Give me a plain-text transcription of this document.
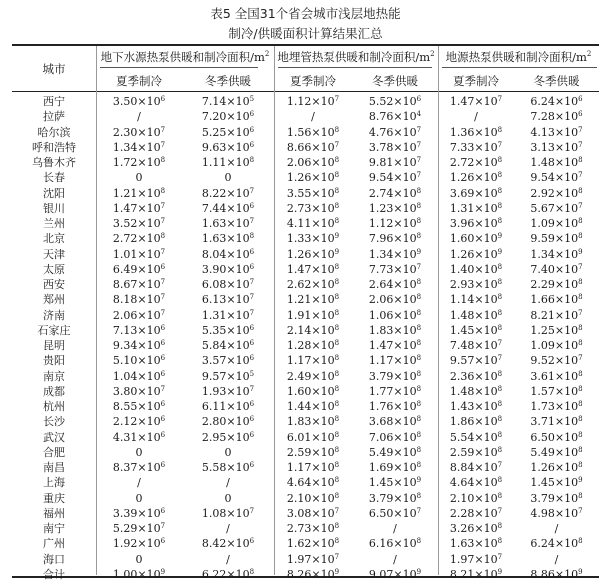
表5 全国31个省会城市浅层地热能
制冷/供暖面积计算结果汇总
城市
地下水源热泵供暖和制冷面积$/m^2$ 地埋管热泵供暖和制冷面积$/m^2$ 地源热泵供暖和制冷面积$/m^2$
夏季制冷	冬季供暖	夏季制冷	冬季供暖	夏季制冷	冬季供暖
西宁	$3.50\times 10^6$	$7.14\times 10^5$	$1.12\times 10^7$	$5.52\times 10^6$	$1.47\times 10^7$	$6.24\times 10^6$
拉萨	/	$7.20\times 10^6$	/	$8.76\times 10^4$	/	$7.28\times 10^6$
哈尔滨	$2.30\times 10^7$	$5.25\times 10^6$	$1.56\times 10^8$	$4.76\times 10^7$	$1.36\times 10^8$	$4.13\times 10^7$
呼和浩特	$1.34\times 10^7$	$9.63\times 10^6$	$8.66\times 10^7$	$3.78\times 10^7$	$7.33\times 10^7$	$3.13\times 10^7$
乌鲁木齐	$1.72\times 10^8$	$1.11\times 10^8$	$2.06\times 10^8$	$9.81\times 10^7$	$2.72\times 10^8$	$1.48\times 10^8$
长春	0	0	$1.26\times 10^8$	$9.54\times 10^7$	$1.26\times 10^8$	$9.54\times 10^7$
沈阳	$1.21\times 10^8$	$8.22\times 10^7$	$3.55\times 10^8$	$2.74\times 10^8$	$3.69\times 10^8$	$2.92\times 10^8$
银川	$1.47\times 10^7$	$7.44\times 10^6$	$2.73\times 10^8$	$1.23\times 10^8$	$1.31\times 10^8$	$5.67\times 10^7$
兰州	$3.52\times 10^7$	$1.63\times 10^7$	$4.11\times 10^8$	$1.12\times 10^8$	$3.96\times 10^8$	$1.09\times 10^8$
北京	$2.72\times 10^8$	$1.63\times 10^8$	$1.33\times 10^9$	$7.96\times 10^8$	$1.60\times 10^9$	$9.59\times 10^8$
天津	$1.01\times 10^7$	$8.04\times 10^6$	$1.26\times 10^9$	$1.34\times 10^9$	$1.26\times 10^9$	$1.34\times 10^9$
太原	$6.49\times 10^6$	$3.90\times 10^6$	$1.47\times 10^8$	$7.73\times 10^7$	$1.40\times 10^8$	$7.40\times 10^7$
西安	$8.67\times 10^7$	$6.08\times 10^7$	$2.62\times 10^8$	$2.64\times 10^8$	$2.93\times 10^8$	$2.29\times 10^8$
郑州	$8.18\times 10^7$	$6.13\times 10^7$	$1.21\times 10^8$	$2.06\times 10^8$	$1.14\times 10^8$	$1.66\times 10^8$
济南	$2.06\times 10^7$	$1.31\times 10^7$	$1.91\times 10^8$	$1.06\times 10^8$	$1.48\times 10^8$	$8.21\times 10^7$
石家庄	$7.13\times 10^6$	$5.35\times 10^6$	$2.14\times 10^8$	$1.83\times 10^8$	$1.45\times 10^8$	$1.25\times 10^8$
昆明	$9.34\times 10^6$	$5.84\times 10^6$	$1.28\times 10^8$	$1.47\times 10^8$	$7.48\times 10^7$	$1.09\times 10^8$
贵阳	$5.10\times 10^6$	$3.57\times 10^6$	$1.17\times 10^8$	$1.17\times 10^8$	$9.57\times 10^7$	$9.52\times 10^7$
南京	$1.04\times 10^6$	$9.57\times 10^5$	$2.49\times 10^8$	$3.79\times 10^8$	$2.36\times 10^8$	$3.61\times 10^8$
成都	$3.80\times 10^7$	$1.93\times 10^7$	$1.60\times 10^8$	$1.77\times 10^8$	$1.48\times 10^8$	$1.57\times 10^8$
杭州	$8.55\times 10^6$	$6.11\times 10^6$	$1.44\times 10^8$	$1.76\times 10^8$	$1.43\times 10^8$	$1.73\times 10^8$
长沙	$2.12\times 10^6$	$2.80\times 10^6$	$1.83\times 10^8$	$3.68\times 10^8$	$1.86\times 10^8$	$3.71\times 10^8$
武汉	$4.31\times 10^6$	$2.95\times 10^6$	$6.01\times 10^8$	$7.06\times 10^8$	$5.54\times 10^8$	$6.50\times 10^8$
合肥	0	0	$2.59\times 10^8$	$5.49\times 10^8$	$2.59\times 10^8$	$5.49\times 10^8$
南昌	$8.37\times 10^6$	$5.58\times 10^6$	$1.17\times 10^8$	$1.69\times 10^8$	$8.84\times 10^7$	$1.26\times 10^8$
上海	/	/	$4.64\times 10^8$	$1.45\times 10^9$	$4.64\times 10^8$	$1.45\times 10^9$
重庆	0	0	$2.10\times 10^8$	$3.79\times 10^8$	$2.10\times 10^8$	$3.79\times 10^8$
福州	$3.39\times 10^6$	$1.08\times 10^7$	$3.08\times 10^7$	$6.50\times 10^7$	$2.28\times 10^7$	$4.98\times 10^7$
南宁	$5.29\times 10^7$	/	$2.73\times 10^8$	/	$3.26\times 10^8$	/
广州	$1.92\times 10^6$	$8.42\times 10^6$	$1.62\times 10^8$	$6.16\times 10^8$	$1.63\times 10^8$	$6.24\times 10^8$
海口	0	/	$1.97\times 10^7$	/	$1.97\times 10^7$	/
合计	$1.00\times 10^9$	$6.22\times 10^8$	$8.26\times 10^9$	$9.07\times 10^9$	$8.21\times 10^9$	$8.86\times 10^9$
